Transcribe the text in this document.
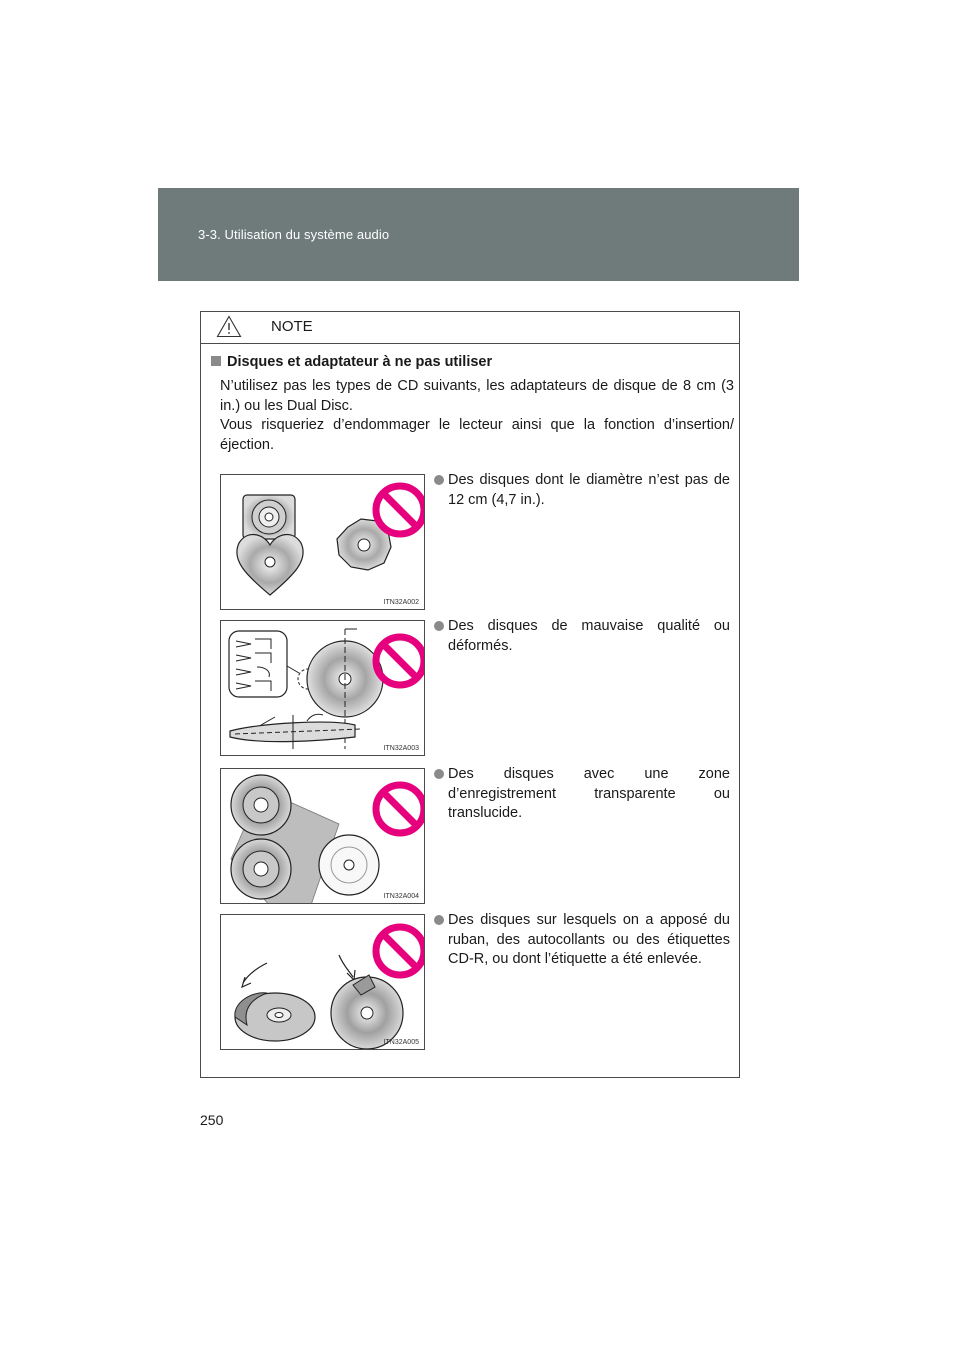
3-3. Utilisation du système audio
NOTE
Disques et adaptateur à ne pas utiliser
N’utilisez pas les types de CD suivants, les adaptateurs de disque de 8 cm (3 in.) ou les Dual Disc.
Vous risqueriez d’endommager le lecteur ainsi que la fonction d’insertion/éjection.
ITN32A002
Des disques dont le diamètre n’est pas de 12 cm (4,7 in.).
ITN32A003
Des disques de mauvaise qualité ou déformés.
ITN32A004
Des disques avec une zone d’enregistrement transparente ou translucide.
ITN32A005
Des disques sur lesquels on a apposé du ruban, des autocollants ou des étiquettes CD-R, ou dont l’étiquette a été enlevée.
250
